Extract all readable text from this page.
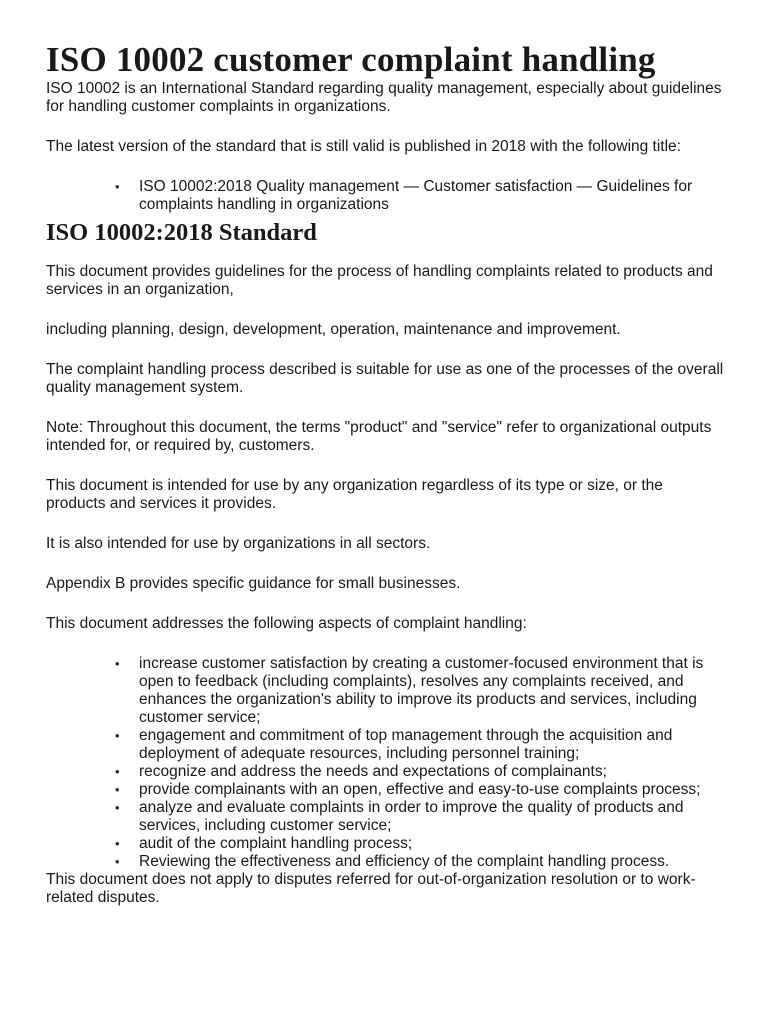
ISO 10002 customer complaint handling

ISO 10002 is an International Standard regarding quality management, especially about guidelines for handling customer complaints in organizations.

The latest version of the standard that is still valid is published in 2018 with the following title:

• ISO 10002:2018 Quality management — Customer satisfaction — Guidelines for complaints handling in organizations
ISO 10002:2018 Standard

This document provides guidelines for the process of handling complaints related to products and services in an organization,

including planning, design, development, operation, maintenance and improvement.

The complaint handling process described is suitable for use as one of the processes of the overall quality management system.

Note: Throughout this document, the terms "product" and "service" refer to organizational outputs intended for, or required by, customers.

This document is intended for use by any organization regardless of its type or size, or the products and services it provides.

It is also intended for use by organizations in all sectors.

Appendix B provides specific guidance for small businesses.

This document addresses the following aspects of complaint handling:

• increase customer satisfaction by creating a customer-focused environment that is open to feedback (including complaints), resolves any complaints received, and enhances the organization's ability to improve its products and services, including customer service;
• engagement and commitment of top management through the acquisition and deployment of adequate resources, including personnel training;
• recognize and address the needs and expectations of complainants;
• provide complainants with an open, effective and easy-to-use complaints process;
• analyze and evaluate complaints in order to improve the quality of products and services, including customer service;
• audit of the complaint handling process;
• Reviewing the effectiveness and efficiency of the complaint handling process.

This document does not apply to disputes referred for out-of-organization resolution or to work-related disputes.
